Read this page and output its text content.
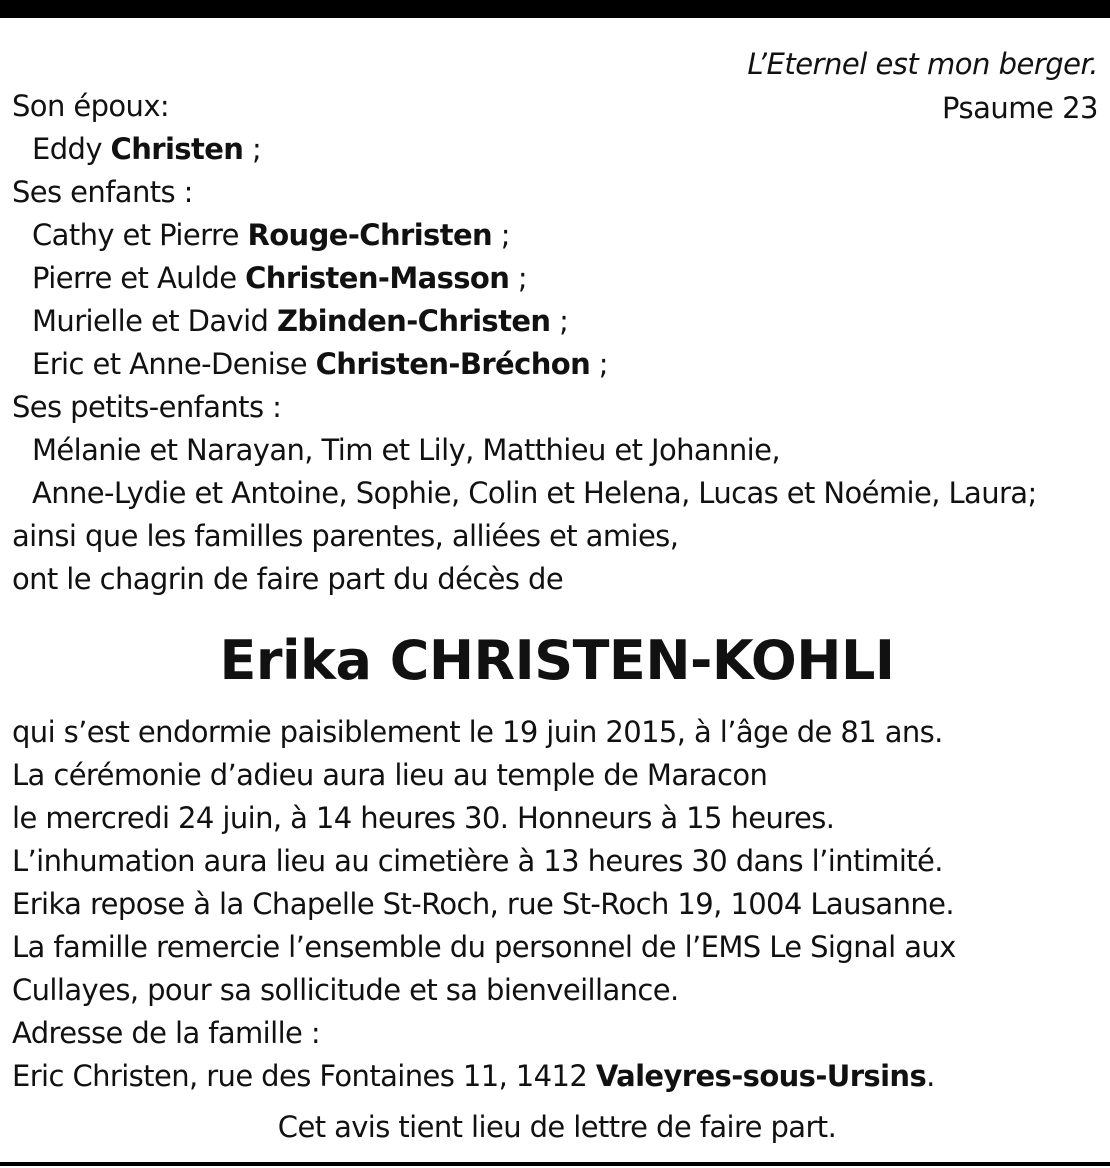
L’Eternel est mon berger.
Psaume 23
Son époux:
Eddy Christen ;
Ses enfants :
Cathy et Pierre Rouge-Christen ;
Pierre et Aulde Christen-Masson ;
Murielle et David Zbinden-Christen ;
Eric et Anne-Denise Christen-Bréchon ;
Ses petits-enfants :
Mélanie et Narayan, Tim et Lily, Matthieu et Johannie,
Anne-Lydie et Antoine, Sophie, Colin et Helena, Lucas et Noémie, Laura;
ainsi que les familles parentes, alliées et amies,
ont le chagrin de faire part du décès de
Erika CHRISTEN-KOHLI
qui s’est endormie paisiblement le 19 juin 2015, à l’âge de 81 ans.
La cérémonie d’adieu aura lieu au temple de Maracon
le mercredi 24 juin, à 14 heures 30. Honneurs à 15 heures.
L’inhumation aura lieu au cimetière à 13 heures 30 dans l’intimité.
Erika repose à la Chapelle St-Roch, rue St-Roch 19, 1004 Lausanne.
La famille remercie l’ensemble du personnel de l’EMS Le Signal aux
Cullayes, pour sa sollicitude et sa bienveillance.
Adresse de la famille :
Eric Christen, rue des Fontaines 11, 1412 Valeyres-sous-Ursins.
Cet avis tient lieu de lettre de faire part.
